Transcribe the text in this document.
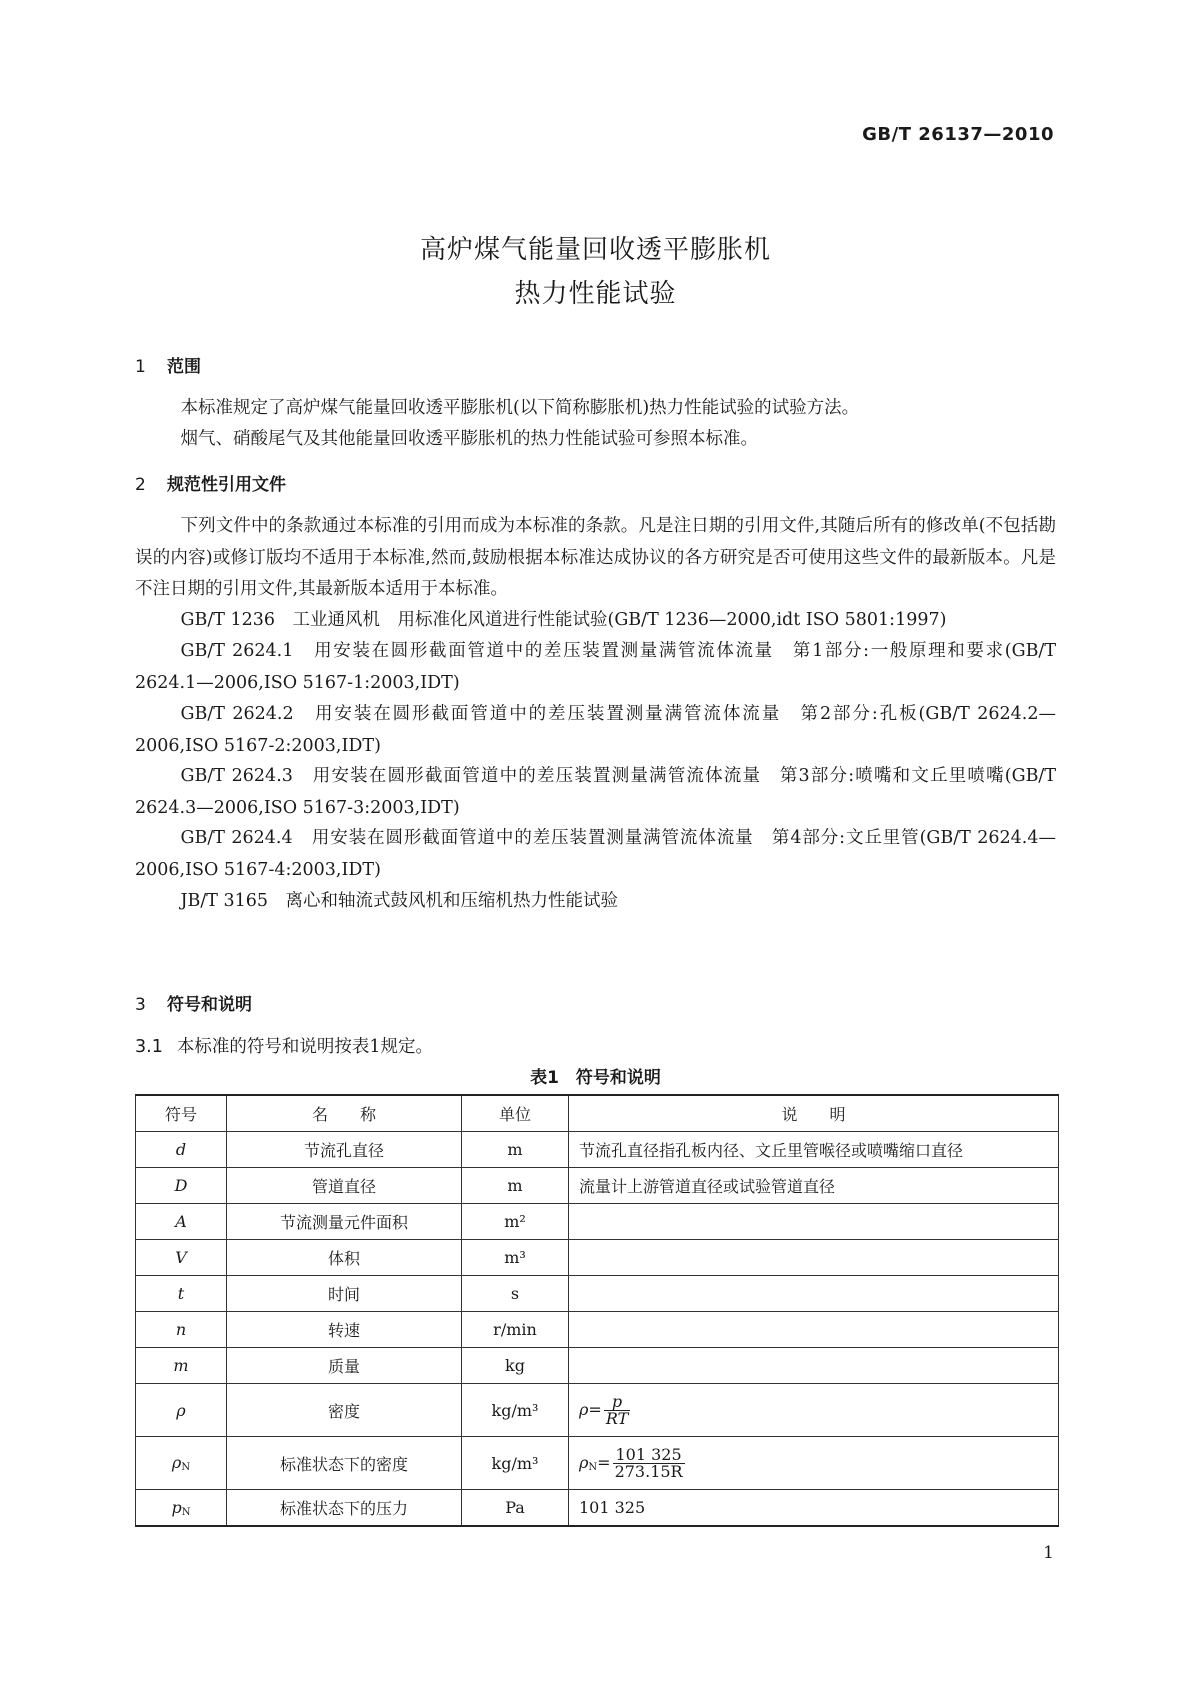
GB/T 26137—2010
高炉煤气能量回收透平膨胀机
热力性能试验
1 范围
本标准规定了高炉煤气能量回收透平膨胀机(以下简称膨胀机)热力性能试验的试验方法。
烟气、硝酸尾气及其他能量回收透平膨胀机的热力性能试验可参照本标准。
2 规范性引用文件
下列文件中的条款通过本标准的引用而成为本标准的条款。凡是注日期的引用文件,其随后所有的修改单(不包括勘误的内容)或修订版均不适用于本标准,然而,鼓励根据本标准达成协议的各方研究是否可使用这些文件的最新版本。凡是不注日期的引用文件,其最新版本适用于本标准。
GB/T 1236　工业通风机　用标准化风道进行性能试验(GB/T 1236—2000,idt ISO 5801:1997)
GB/T 2624.1　用安装在圆形截面管道中的差压装置测量满管流体流量　第1部分:一般原理和要求(GB/T 2624.1—2006,ISO 5167-1:2003,IDT)
GB/T 2624.2　用安装在圆形截面管道中的差压装置测量满管流体流量　第2部分:孔板(GB/T 2624.2—2006,ISO 5167-2:2003,IDT)
GB/T 2624.3　用安装在圆形截面管道中的差压装置测量满管流体流量　第3部分:喷嘴和文丘里喷嘴(GB/T 2624.3—2006,ISO 5167-3:2003,IDT)
GB/T 2624.4　用安装在圆形截面管道中的差压装置测量满管流体流量　第4部分:文丘里管(GB/T 2624.4—2006,ISO 5167-4:2003,IDT)
JB/T 3165　离心和轴流式鼓风机和压缩机热力性能试验
3 符号和说明
3.1 本标准的符号和说明按表1规定。
表1　符号和说明
符号	名　　称	单位	说　　明
d	节流孔直径	m	节流孔直径指孔板内径、文丘里管喉径或喷嘴缩口直径
D	管道直径	m	流量计上游管道直径或试验管道直径
A	节流测量元件面积	m²	
V	体积	m³	
t	时间	s	
n	转速	r/min	
m	质量	kg	
ρ	密度	kg/m³	$\rho= \frac{p}{RT}$

$\rho_N$	标准状态下的密度	kg/m³	$\rho_N= \frac{101 325}{273.15R}$

$p_N$	标准状态下的压力	Pa	101 325
1
